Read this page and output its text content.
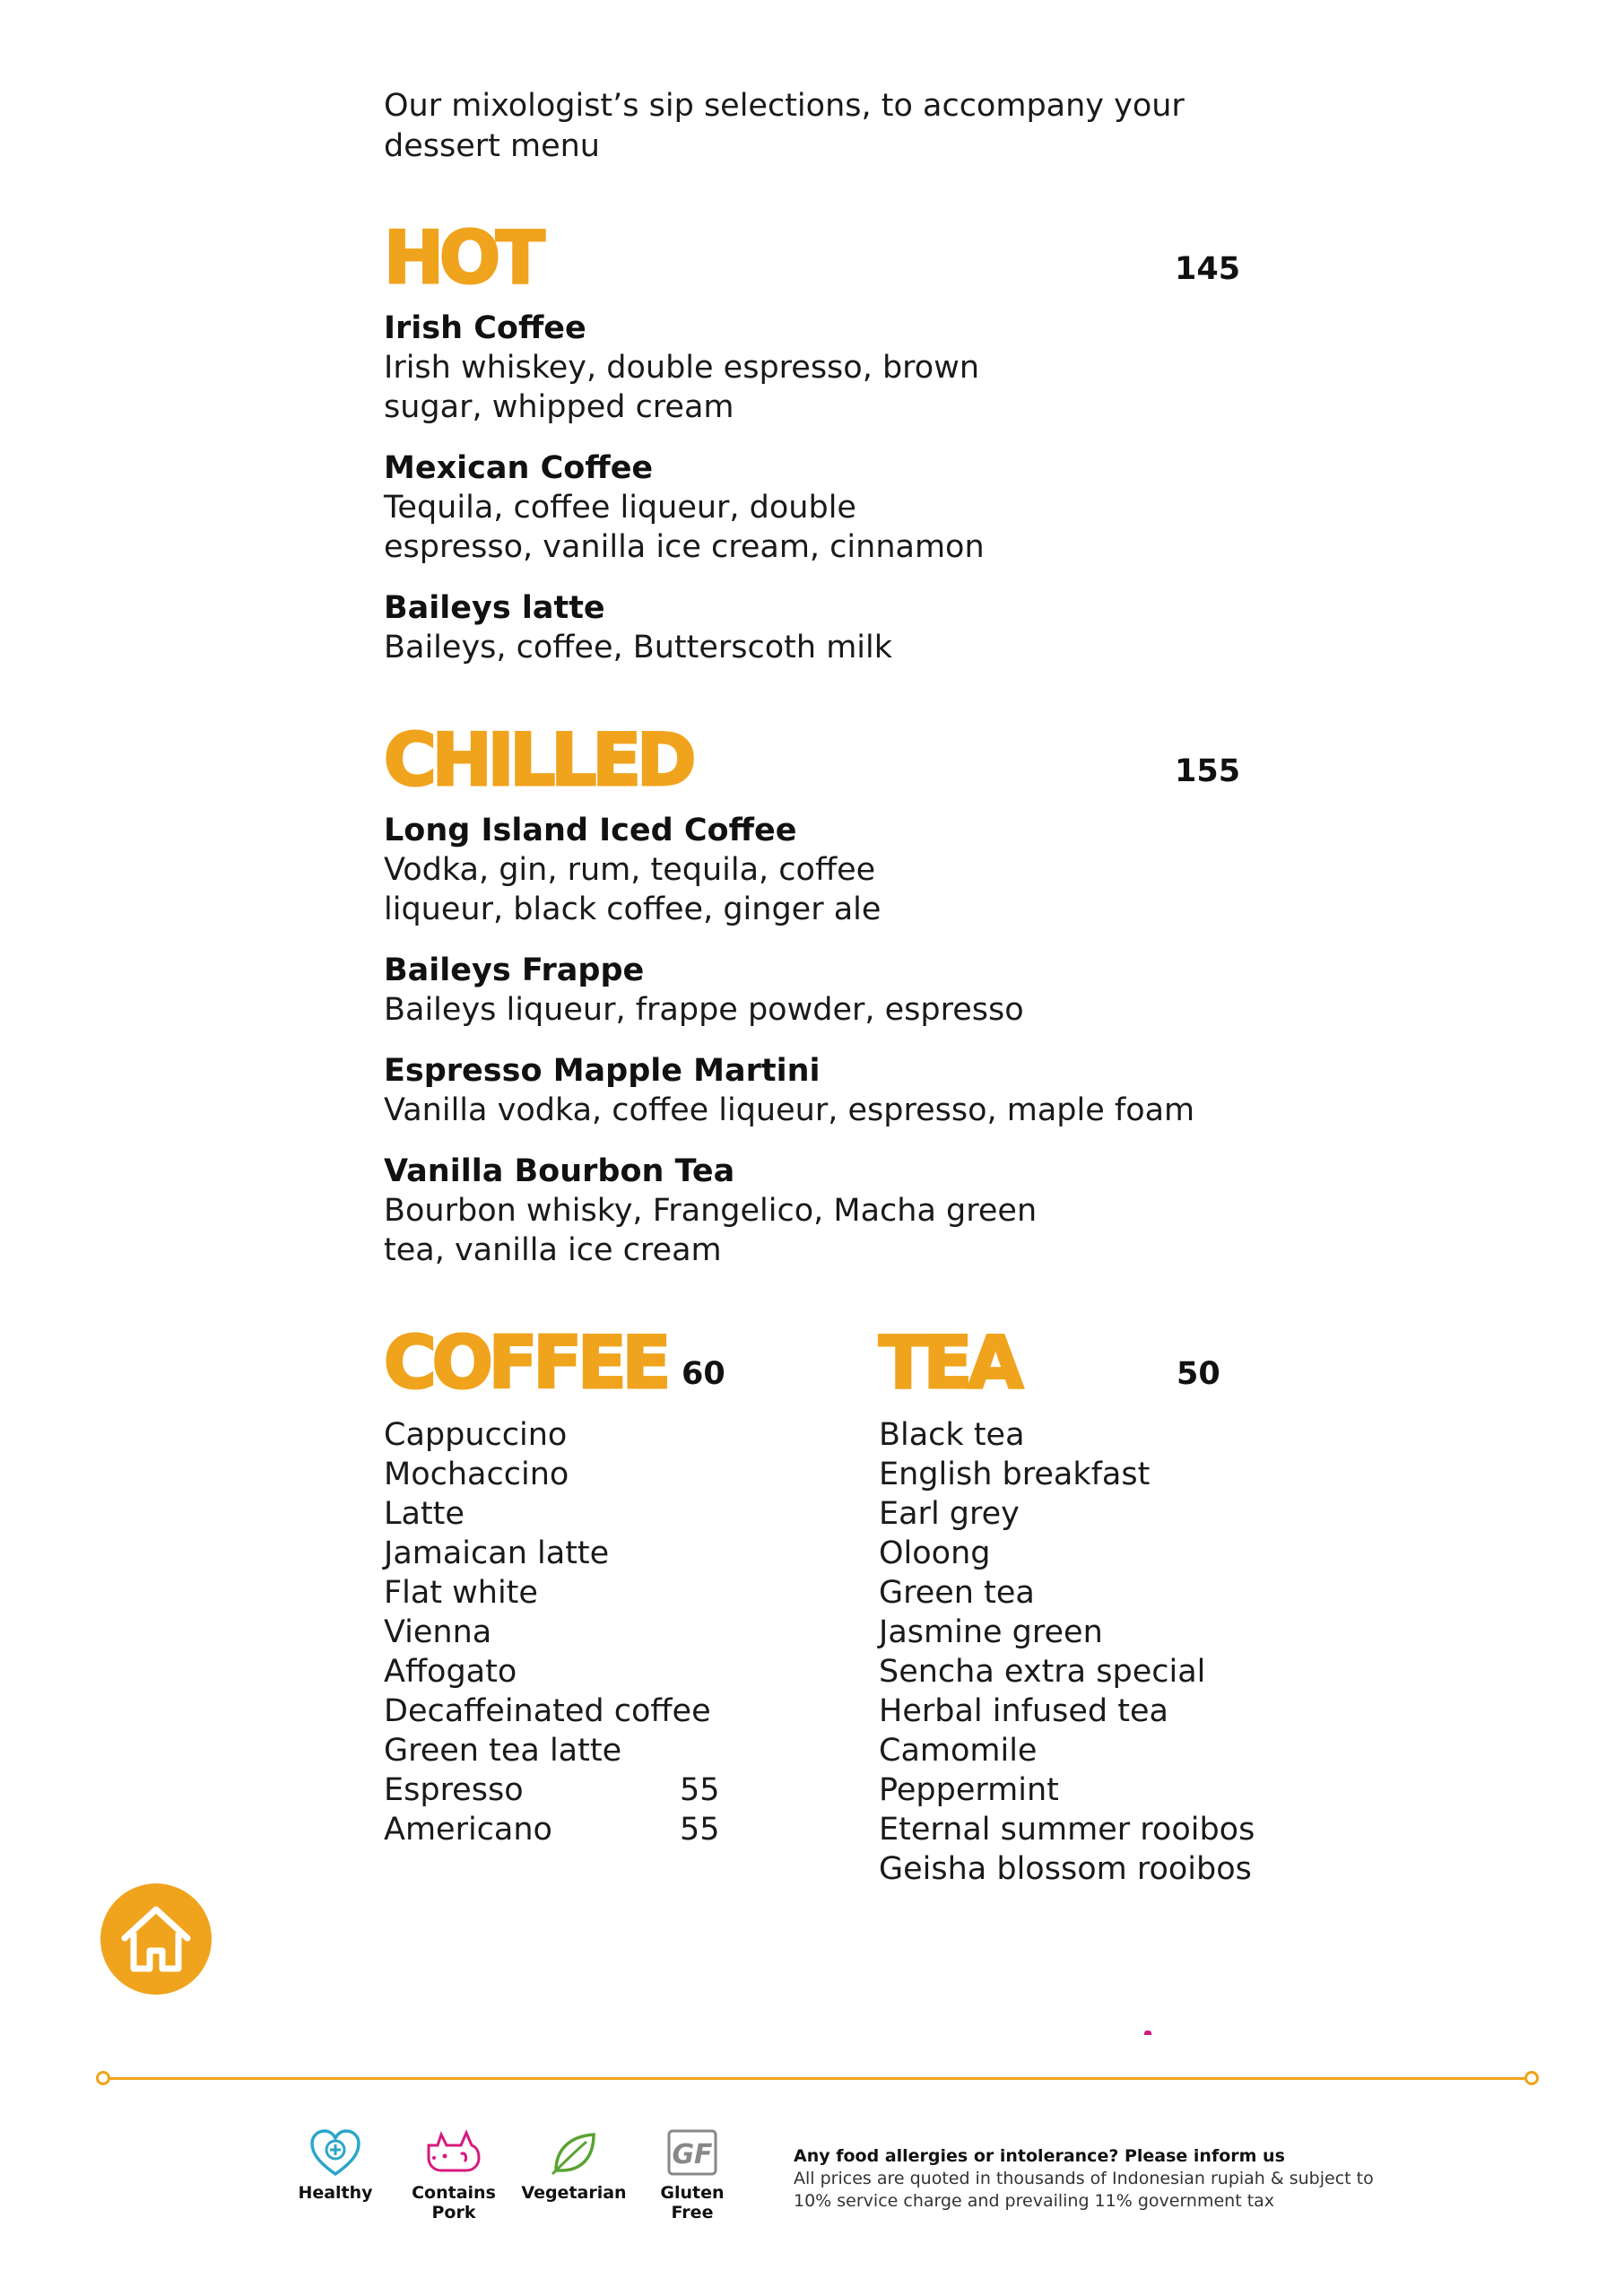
Our mixologist’s sip selections, to accompany your dessert menu
HOT	145
Irish Coffee
Irish whiskey, double espresso, brown sugar, whipped cream
Mexican Coffee
Tequila, coffee liqueur, double espresso, vanilla ice cream, cinnamon
Baileys latte
Baileys, coffee, Butterscoth milk
CHILLED	155
Long Island Iced Coffee
Vodka, gin, rum, tequila, coffee liqueur, black coffee, ginger ale
Baileys Frappe
Baileys liqueur, frappe powder, espresso
Espresso Mapple Martini
Vanilla vodka, coffee liqueur, espresso, maple foam
Vanilla Bourbon Tea
Bourbon whisky, Frangelico, Macha green tea, vanilla ice cream
COFFEE 60
Cappuccino
Mochaccino
Latte
Jamaican latte
Flat white
Vienna
Affogato
Decaffeinated coffee
Green tea latte
Espresso	55
Americano	55
TEA	50
Black tea
English breakfast
Earl grey
Oloong
Green tea
Jasmine green
Sencha extra special
Herbal infused tea
Camomile
Peppermint
Eternal summer rooibos
Geisha blossom rooibos
Healthy	Contains Pork
Vegetarian
GF
Gluten Free
Any food allergies or intolerance? Please inform us
All prices are quoted in thousands of Indonesian rupiah & subject to 10% service charge and prevailing 11% government tax
